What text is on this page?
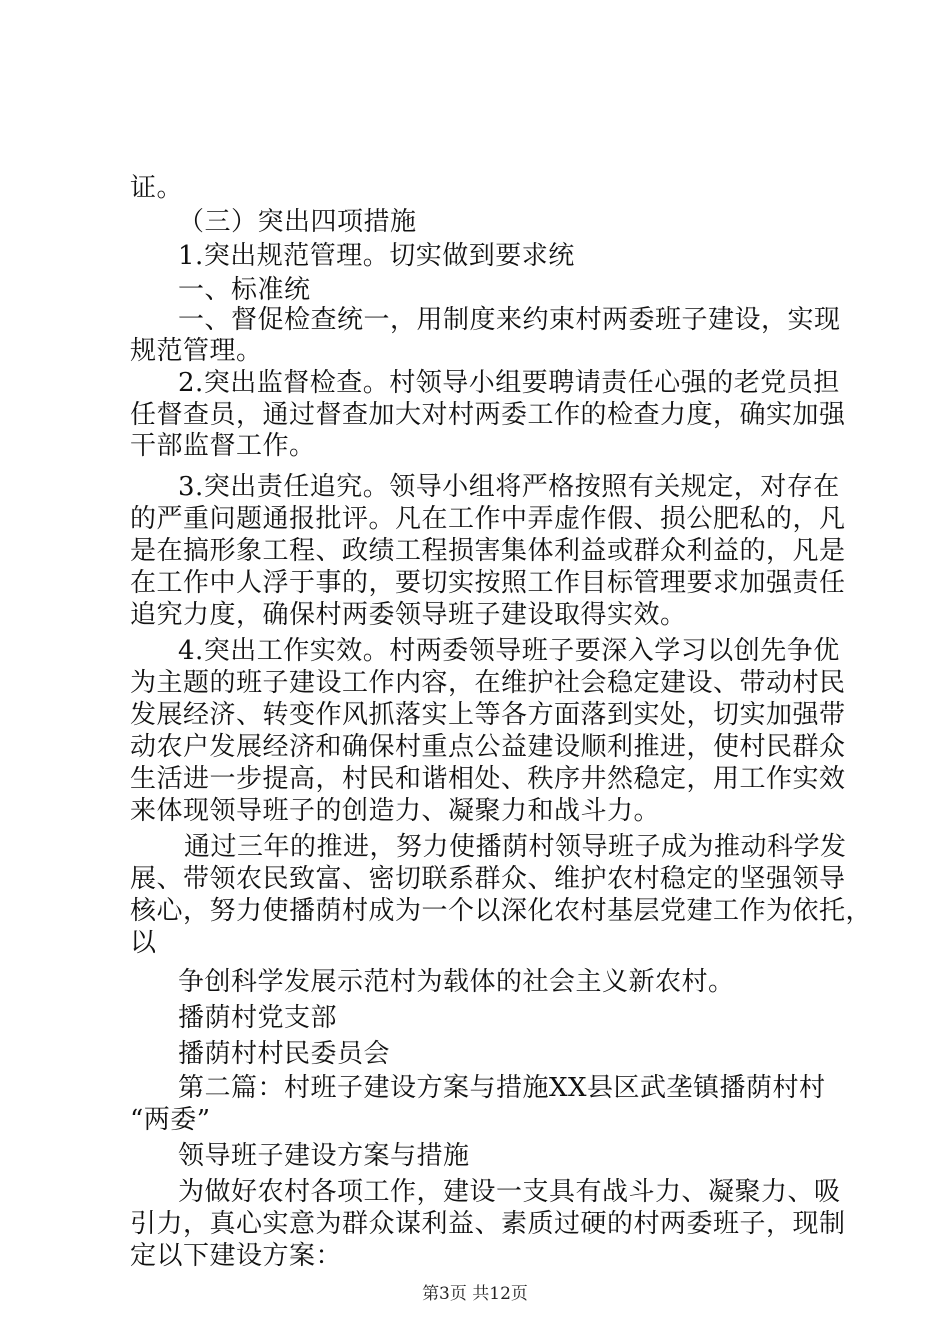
证。
（三）突出四项措施
1.突出规范管理。切实做到要求统
一、标准统
一、督促检查统一，用制度来约束村两委班子建设，实现
规范管理。
2.突出监督检查。村领导小组要聘请责任心强的老党员担
任督查员，通过督查加大对村两委工作的检查力度，确实加强
干部监督工作。
3.突出责任追究。领导小组将严格按照有关规定，对存在
的严重问题通报批评。凡在工作中弄虚作假、损公肥私的，凡
是在搞形象工程、政绩工程损害集体利益或群众利益的，凡是
在工作中人浮于事的，要切实按照工作目标管理要求加强责任
追究力度，确保村两委领导班子建设取得实效。
4.突出工作实效。村两委领导班子要深入学习以创先争优
为主题的班子建设工作内容，在维护社会稳定建设、带动村民
发展经济、转变作风抓落实上等各方面落到实处，切实加强带
动农户发展经济和确保村重点公益建设顺利推进，使村民群众
生活进一步提高，村民和谐相处、秩序井然稳定，用工作实效
来体现领导班子的创造力、凝聚力和战斗力。
通过三年的推进，努力使播荫村领导班子成为推动科学发
展、带领农民致富、密切联系群众、维护农村稳定的坚强领导
核心，努力使播荫村成为一个以深化农村基层党建工作为依托，
以
争创科学发展示范村为载体的社会主义新农村。
播荫村党支部
播荫村村民委员会
第二篇：村班子建设方案与措施XX县区武垄镇播荫村村
“两委”
领导班子建设方案与措施
为做好农村各项工作，建设一支具有战斗力、凝聚力、吸
引力，真心实意为群众谋利益、素质过硬的村两委班子，现制
定以下建设方案：
第3页 共12页
